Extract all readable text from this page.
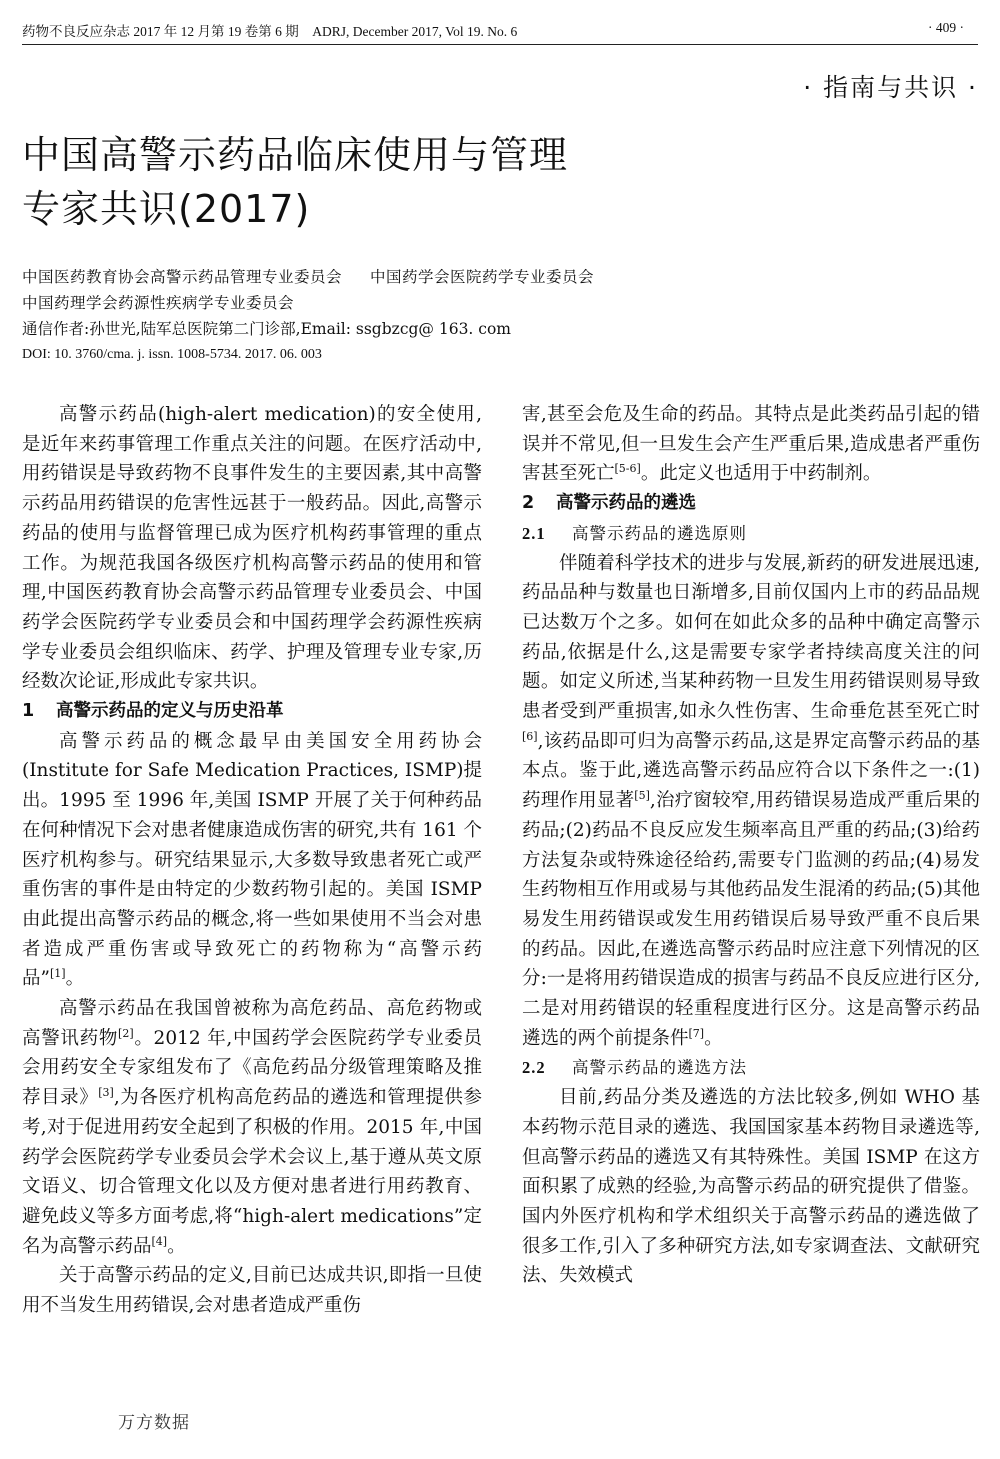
药物不良反应杂志 2017 年 12 月第 19 卷第 6 期　ADRJ, December 2017, Vol 19. No. 6	· 409 ·
· 指南与共识 ·
中国高警示药品临床使用与管理
专家共识(2017)
中国医药教育协会高警示药品管理专业委员会 中国药学会医院药学专业委员会
中国药理学会药源性疾病学专业委员会
通信作者:孙世光,陆军总医院第二门诊部,Email: ssgbzcg@ 163. com
DOI: 10. 3760/cma. j. issn. 1008-5734. 2017. 06. 003

高警示药品(high-alert medication)的安全使用,是近年来药事管理工作重点关注的问题。在医疗活动中,用药错误是导致药物不良事件发生的主要因素,其中高警示药品用药错误的危害性远甚于一般药品。因此,高警示药品的使用与监督管理已成为医疗机构药事管理的重点工作。为规范我国各级医疗机构高警示药品的使用和管理,中国医药教育协会高警示药品管理专业委员会、中国药学会医院药学专业委员会和中国药理学会药源性疾病学专业委员会组织临床、药学、护理及管理专业专家,历经数次论证,形成此专家共识。

1 高警示药品的定义与历史沿革

高警示药品的概念最早由美国安全用药协会(Institute for Safe Medication Practices, ISMP)提出。1995 至 1996 年,美国 ISMP 开展了关于何种药品在何种情况下会对患者健康造成伤害的研究,共有 161 个医疗机构参与。研究结果显示,大多数导致患者死亡或严重伤害的事件是由特定的少数药物引起的。美国 ISMP 由此提出高警示药品的概念,将一些如果使用不当会对患者造成严重伤害或导致死亡的药物称为“高警示药品”[1]。

高警示药品在我国曾被称为高危药品、高危药物或高警讯药物[2]。2012 年,中国药学会医院药学专业委员会用药安全专家组发布了《高危药品分级管理策略及推荐目录》[3],为各医疗机构高危药品的遴选和管理提供参考,对于促进用药安全起到了积极的作用。2015 年,中国药学会医院药学专业委员会学术会议上,基于遵从英文原文语义、切合管理文化以及方便对患者进行用药教育、避免歧义等多方面考虑,将“high-alert medications”定名为高警示药品[4]。

关于高警示药品的定义,目前已达成共识,即指一旦使用不当发生用药错误,会对患者造成严重伤

害,甚至会危及生命的药品。其特点是此类药品引起的错误并不常见,但一旦发生会产生严重后果,造成患者严重伤害甚至死亡[5-6]。此定义也适用于中药制剂。

2 高警示药品的遴选
2.1 高警示药品的遴选原则

伴随着科学技术的进步与发展,新药的研发进展迅速,药品品种与数量也日渐增多,目前仅国内上市的药品品规已达数万个之多。如何在如此众多的品种中确定高警示药品,依据是什么,这是需要专家学者持续高度关注的问题。如定义所述,当某种药物一旦发生用药错误则易导致患者受到严重损害,如永久性伤害、生命垂危甚至死亡时[6],该药品即可归为高警示药品,这是界定高警示药品的基本点。鉴于此,遴选高警示药品应符合以下条件之一:(1)药理作用显著[5],治疗窗较窄,用药错误易造成严重后果的药品;(2)药品不良反应发生频率高且严重的药品;(3)给药方法复杂或特殊途径给药,需要专门监测的药品;(4)易发生药物相互作用或易与其他药品发生混淆的药品;(5)其他易发生用药错误或发生用药错误后易导致严重不良后果的药品。因此,在遴选高警示药品时应注意下列情况的区分:一是将用药错误造成的损害与药品不良反应进行区分,二是对用药错误的轻重程度进行区分。这是高警示药品遴选的两个前提条件[7]。

2.2 高警示药品的遴选方法

目前,药品分类及遴选的方法比较多,例如 WHO 基本药物示范目录的遴选、我国国家基本药物目录遴选等,但高警示药品的遴选又有其特殊性。美国 ISMP 在这方面积累了成熟的经验,为高警示药品的研究提供了借鉴。国内外医疗机构和学术组织关于高警示药品的遴选做了很多工作,引入了多种研究方法,如专家调查法、文献研究法、失效模式

万方数据
